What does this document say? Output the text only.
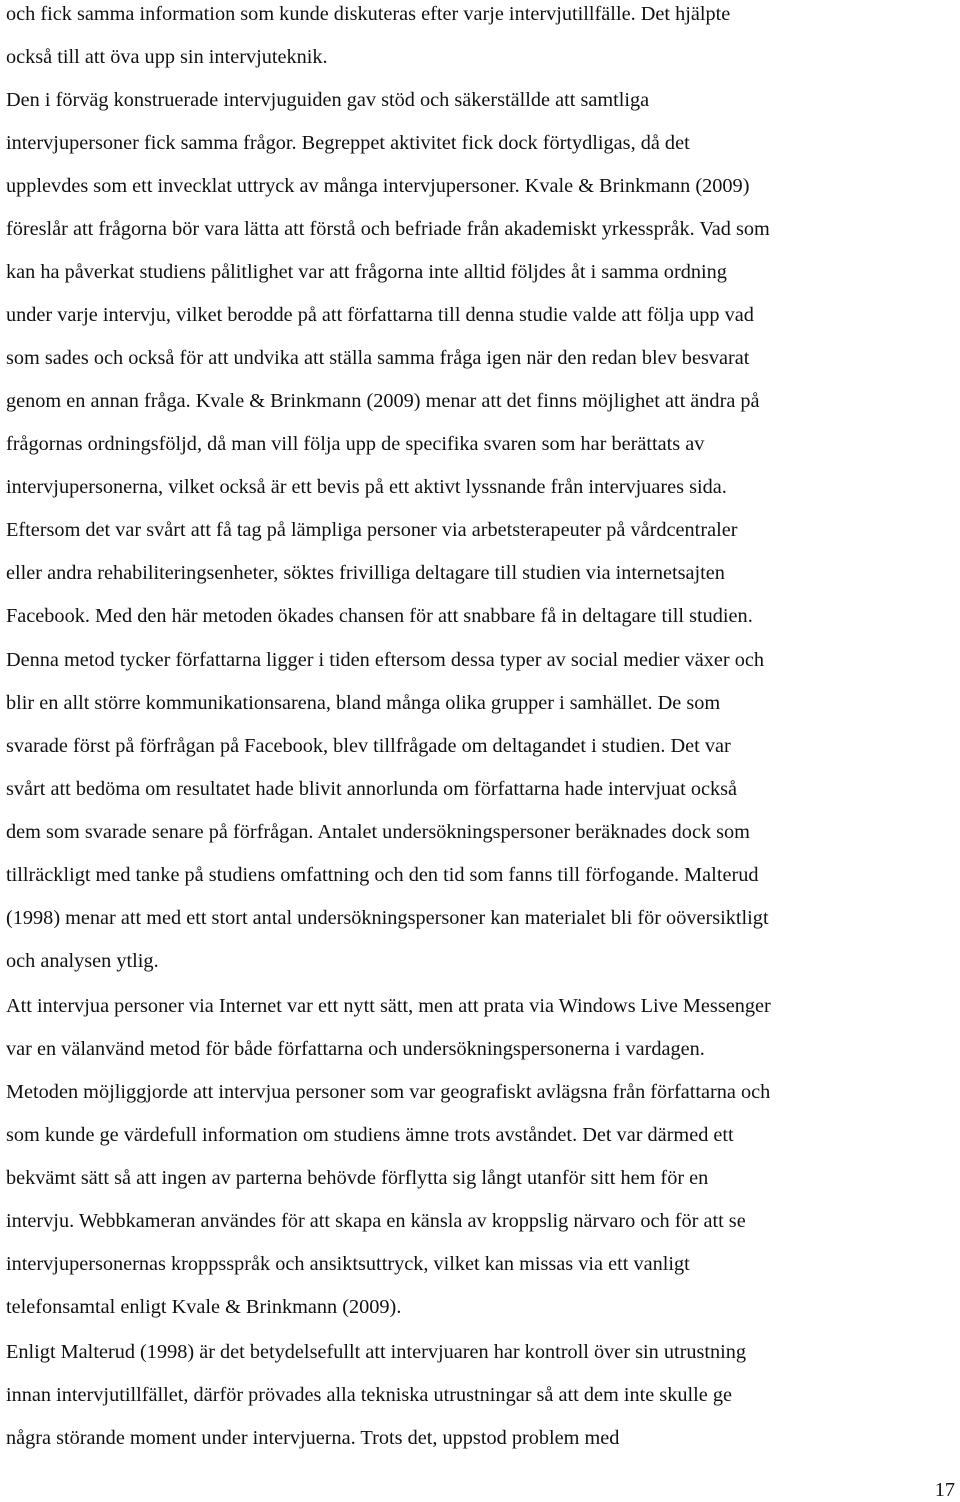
och fick samma information som kunde diskuteras efter varje intervjutillfälle. Det hjälpte
också till att öva upp sin intervjuteknik.
Den i förväg konstruerade intervjuguiden gav stöd och säkerställde att samtliga
intervjupersoner fick samma frågor. Begreppet aktivitet fick dock förtydligas, då det
upplevdes som ett invecklat uttryck av många intervjupersoner. Kvale & Brinkmann (2009)
föreslår att frågorna bör vara lätta att förstå och befriade från akademiskt yrkesspråk. Vad som
kan ha påverkat studiens pålitlighet var att frågorna inte alltid följdes åt i samma ordning
under varje intervju, vilket berodde på att författarna till denna studie valde att följa upp vad
som sades och också för att undvika att ställa samma fråga igen när den redan blev besvarat
genom en annan fråga. Kvale & Brinkmann (2009) menar att det finns möjlighet att ändra på
frågornas ordningsföljd, då man vill följa upp de specifika svaren som har berättats av
intervjupersonerna, vilket också är ett bevis på ett aktivt lyssnande från intervjuares sida.
Eftersom det var svårt att få tag på lämpliga personer via arbetsterapeuter på vårdcentraler
eller andra rehabiliteringsenheter, söktes frivilliga deltagare till studien via internetsajten
Facebook. Med den här metoden ökades chansen för att snabbare få in deltagare till studien.
Denna metod tycker författarna ligger i tiden eftersom dessa typer av social medier växer och
blir en allt större kommunikationsarena, bland många olika grupper i samhället. De som
svarade först på förfrågan på Facebook, blev tillfrågade om deltagandet i studien. Det var
svårt att bedöma om resultatet hade blivit annorlunda om författarna hade intervjuat också
dem som svarade senare på förfrågan. Antalet undersökningspersoner beräknades dock som
tillräckligt med tanke på studiens omfattning och den tid som fanns till förfogande. Malterud
(1998) menar att med ett stort antal undersökningspersoner kan materialet bli för oöversiktligt
och analysen ytlig.
Att intervjua personer via Internet var ett nytt sätt, men att prata via Windows Live Messenger
var en välanvänd metod för både författarna och undersökningspersonerna i vardagen.
Metoden möjliggjorde att intervjua personer som var geografiskt avlägsna från författarna och
som kunde ge värdefull information om studiens ämne trots avståndet. Det var därmed ett
bekvämt sätt så att ingen av parterna behövde förflytta sig långt utanför sitt hem för en
intervju. Webbkameran användes för att skapa en känsla av kroppslig närvaro och för att se
intervjupersonernas kroppsspråk och ansiktsuttryck, vilket kan missas via ett vanligt
telefonsamtal enligt Kvale & Brinkmann (2009).
Enligt Malterud (1998) är det betydelsefullt att intervjuaren har kontroll över sin utrustning
innan intervjutillfället, därför prövades alla tekniska utrustningar så att dem inte skulle ge
några störande moment under intervjuerna. Trots det, uppstod problem med
17
